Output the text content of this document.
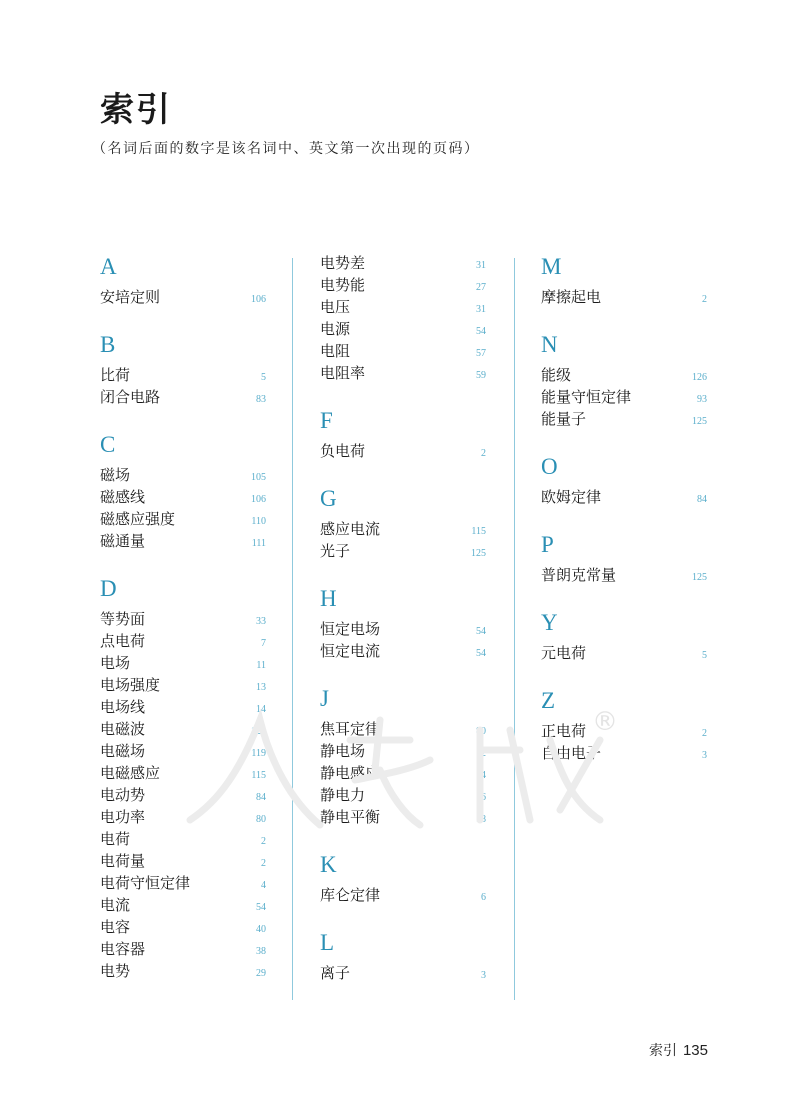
索引
（名词后面的数字是该名词中、英文第一次出现的页码）
A
安培定则	106
B
比荷	5
闭合电路	83
C
磁场	105
磁感线	106
磁感应强度	110
磁通量	111
D
等势面	33
点电荷	7
电场	11
电场强度	13
电场线	14
电磁波	120
电磁场	119
电磁感应	115
电动势	84
电功率	80
电荷	2
电荷量	2
电荷守恒定律	4
电流	54
电容	40
电容器	38
电势	29
电势差	31
电势能	27
电压	31
电源	54
电阻	57
电阻率	59
F
负电荷	2
G
感应电流	115
光子	125
H
恒定电场	54
恒定电流	54
J
焦耳定律	80
静电场	12
静电感应	4
静电力	6
静电平衡	18
K
库仑定律	6
L
离子	3
M
摩擦起电	2
N
能级	126
能量守恒定律	93
能量子	125
O
欧姆定律	84
P
普朗克常量	125
Y
元电荷	5
Z
正电荷	2
自由电子	3
®
索引 135
